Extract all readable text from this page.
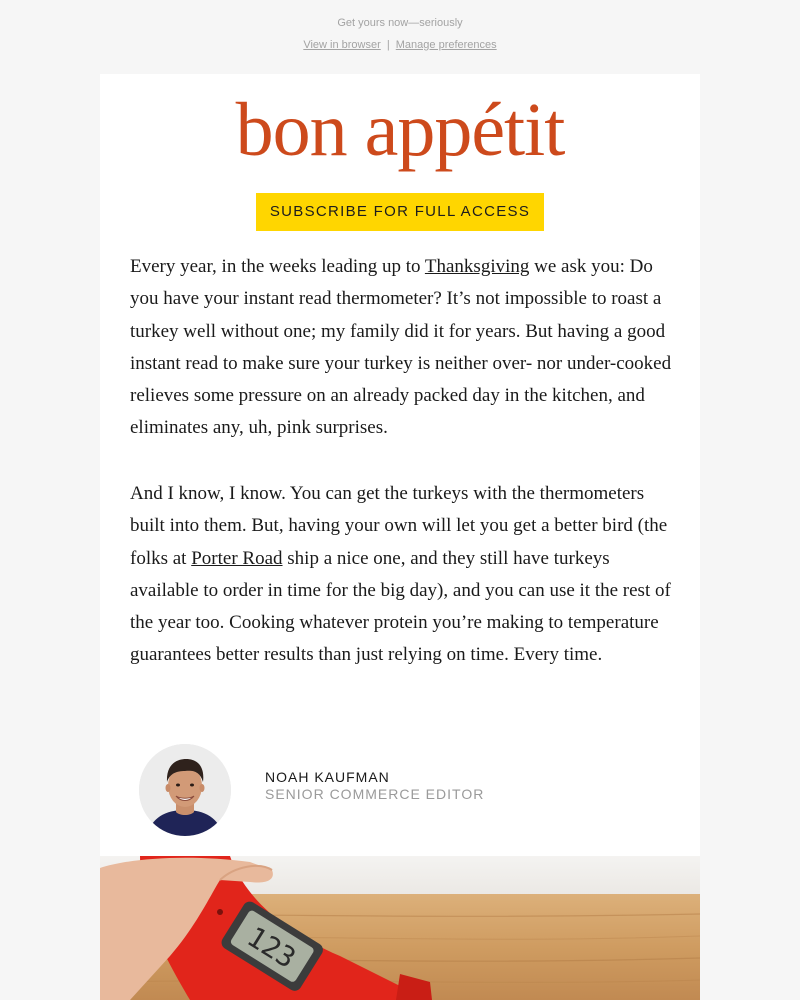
Get yours now—seriously
View in browser | Manage preferences
bon appétit
SUBSCRIBE FOR FULL ACCESS

Every year, in the weeks leading up to Thanksgiving we ask you: Do you have your instant read thermometer? It’s not impossible to roast a turkey well without one; my family did it for years. But having a good instant read to make sure your turkey is neither over- nor under-cooked relieves some pressure on an already packed day in the kitchen, and eliminates any, uh, pink surprises.

And I know, I know. You can get the turkeys with the thermometers built into them. But, having your own will let you get a better bird (the folks at Porter Road ship a nice one, and they still have turkeys available to order in time for the big day), and you can use it the rest of the year too. Cooking whatever protein you’re making to temperature guarantees better results than just relying on time. Every time.

NOAH KAUFMAN
SENIOR COMMERCE EDITOR
123
